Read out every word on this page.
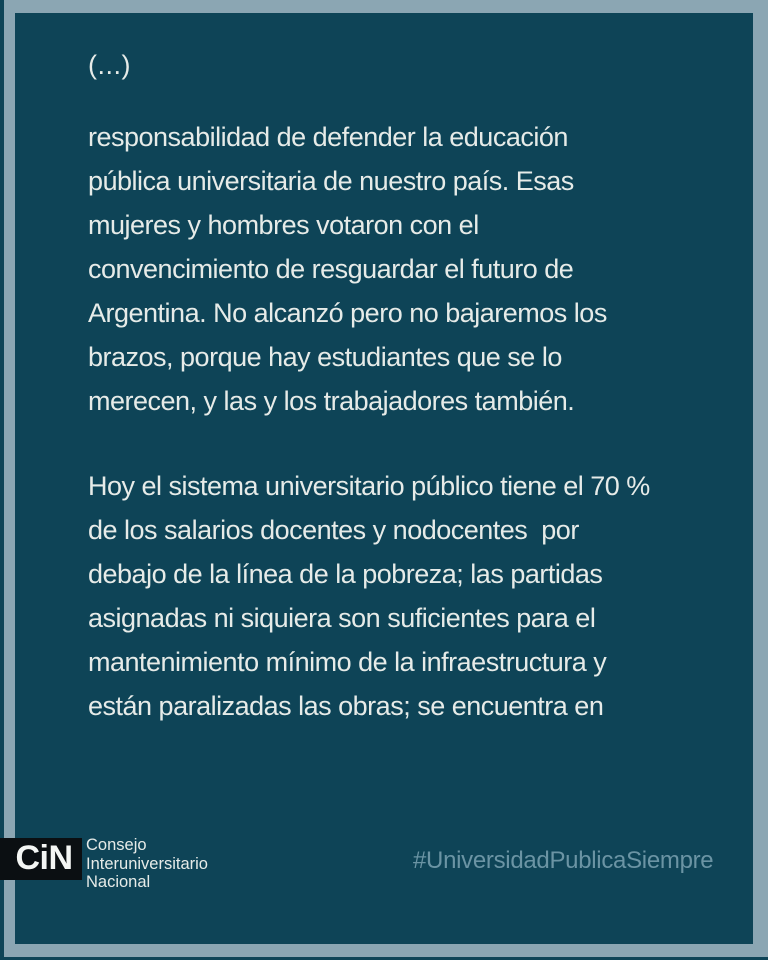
(...)
responsabilidad de defender la educación
pública universitaria de nuestro país. Esas
mujeres y hombres votaron con el
convencimiento de resguardar el futuro de
Argentina. No alcanzó pero no bajaremos los
brazos, porque hay estudiantes que se lo
merecen, y las y los trabajadores también.
Hoy el sistema universitario público tiene el 70 %
de los salarios docentes y nodocentes  por
debajo de la línea de la pobreza; las partidas
asignadas ni siquiera son suficientes para el
mantenimiento mínimo de la infraestructura y
están paralizadas las obras; se encuentra en
CiN Consejo
Interuniversitario
Nacional
#UniversidadPublicaSiempre
